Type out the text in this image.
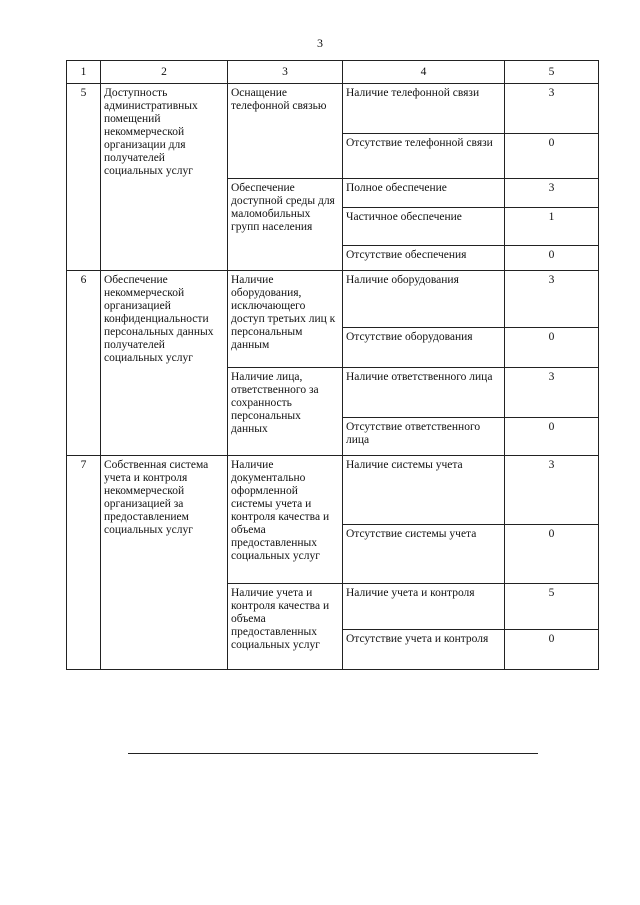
3
1	2	3	4	5
5	Доступность административных помещений некоммерческой организации для получателей социальных услуг	Оснащение телефонной связью	Наличие телефонной связи	3
			Отсутствие телефонной связи	0
		Обеспечение доступной среды для маломобильных групп населения	Полное обеспечение	3
			Частичное обеспечение	1
			Отсутствие обеспечения	0
6	Обеспечение некоммерческой организацией конфиденциальности персональных данных получателей социальных услуг	Наличие оборудования, исключающего доступ третьих лиц к персональным данным	Наличие оборудования	3
			Отсутствие оборудования	0
		Наличие лица, ответственного за сохранность персональных данных	Наличие ответственного лица	3
			Отсутствие ответственного лица	0
7	Собственная система учета и контроля некоммерческой организацией за предоставлением социальных услуг	Наличие документально оформленной системы учета и контроля качества и объема предоставленных социальных услуг	Наличие системы учета	3
			Отсутствие системы учета	0
		Наличие учета и контроля качества и объема предоставленных социальных услуг	Наличие учета и контроля	5
			Отсутствие учета и контроля	0
